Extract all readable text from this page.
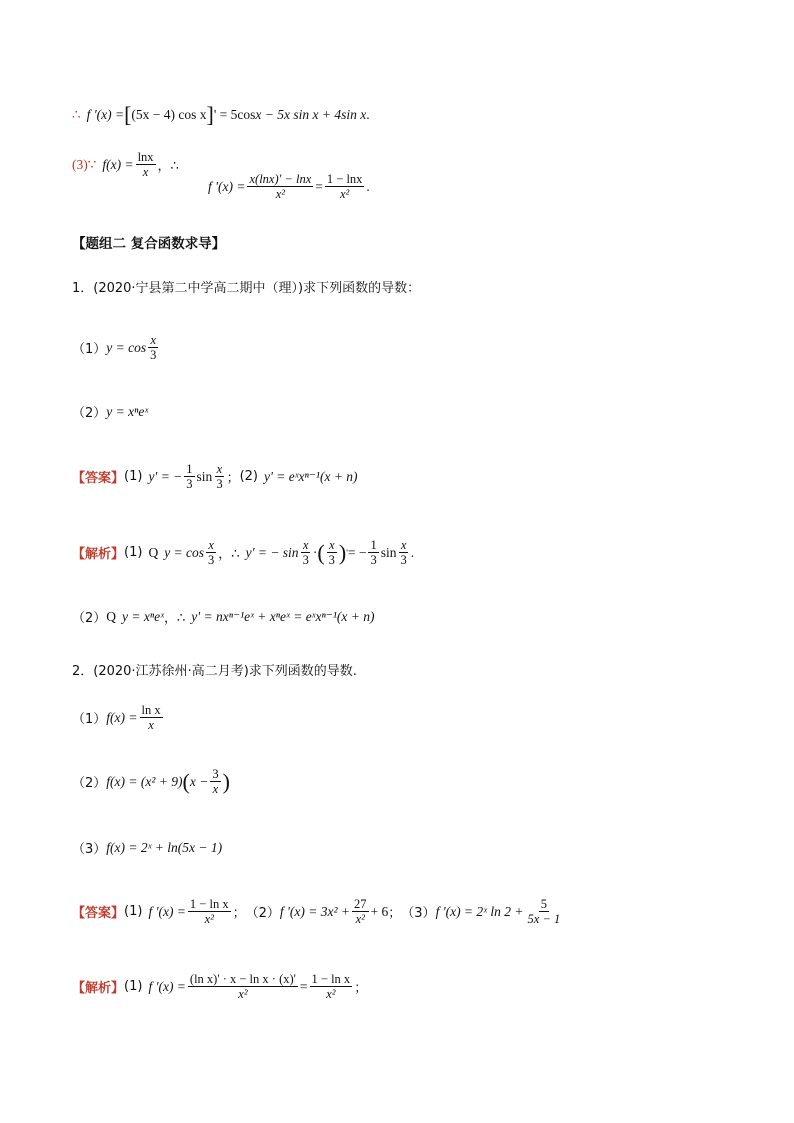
∴ f '(x) = [ (5x − 4) cos x ] ' = 5cos x − 5x sin x + 4sin x .
(3)∵ $f(x) = \frac{\ln x}{x}$ ，∴
f '$(x) = \frac{x(\ln x)' - \ln x}{\text{x²}} = \frac{1 - \ln x}{\text{x²}}$ .
【题组二 复合函数求导】
1．(2020·宁县第二中学高二期中（理）)求下列函数的导数：
（1） $y = \cos \frac{x}{3}$
（2） y = xⁿeˣ
【答案】 (1) y' = − $\frac{1}{3}$ $\sin \frac{x}{3}$ ； (2) y' = eˣxⁿ⁻¹(x + n)
【解析】 (1) Q $y = \cos \frac{x}{3}$ ，∴ y' = − $\sin \frac{x}{3}$ · ( $\frac{x}{3}$ ) ' = − $\frac{1}{3}$ $\sin \frac{x}{3}$ .
（2） Q y = xⁿeˣ ，∴ y' = nxⁿ⁻¹eˣ + xⁿeˣ = eˣxⁿ⁻¹(x + n)
2．(2020·江苏徐州·高二月考)求下列函数的导数.
（1） $f(x) = \frac{\text{ln x}}{x}$
（2） f(x) = (x² + 9) ( $x - \frac{3}{x}$ )
（3） f(x) = 2ˣ + ln(5x − 1)
【答案】 (1) f '$(x) = \frac{\text{1 − ln x}}{\text{x²}}$ ； （2） f '$(x) = 3x^2 + \frac{27}{\text{x²}} + 6$ ； （3） f '(x) = 2ˣ $\ln 2 + \frac{5}{5x - 1}$
【解析】 (1) f '$(x) = \frac{\text{(ln x)' · x − ln x · (x)'}}{\text{x²}} = \frac{\text{1 − ln x}}{\text{x²}}$ ；
